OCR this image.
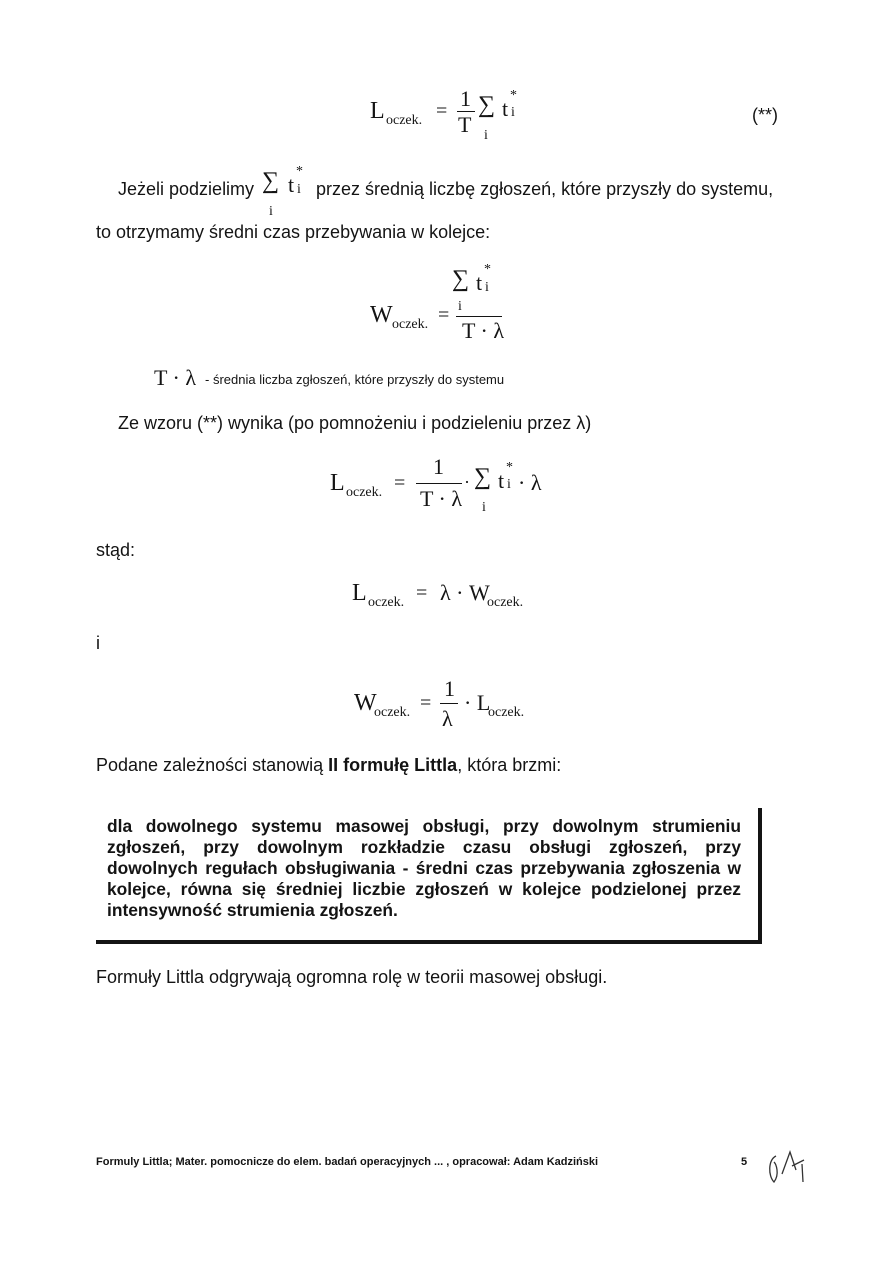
L oczek. = 1
T
∑ t
*
i
i
(**)
Jeżeli podzielimy ∑ t
*
i
i
przez średnią liczbę zgłoszeń, które przyszły do systemu,
to otrzymamy średni czas przebywania w kolejce:
W oczek. =
∑ t
*
i
i
T · λ
T · λ - średnia liczba zgłoszeń, które przyszły do systemu
Ze wzoru (**) wynika (po pomnożeniu i podzieleniu przez λ)
L oczek. =
1
T · λ
· ∑ t
*
i
i
· λ
stąd:
L oczek. = λ · W
oczek.
i
W
oczek. =
1
λ
· L
oczek.
Podane zależności stanowią II formułę Littla, która brzmi:
dla dowolnego systemu masowej obsługi, przy dowolnym strumieniu zgłoszeń, przy dowolnym rozkładzie czasu obsługi zgłoszeń, przy dowolnych regułach obsługiwania - średni czas przebywania zgłoszenia w kolejce, równa się średniej liczbie zgłoszeń w kolejce podzielonej przez intensywność strumienia zgłoszeń.
Formuły Littla odgrywają ogromna rolę w teorii masowej obsługi.
Formuly Littla; Mater. pomocnicze do elem. badań operacyjnych ... , opracował: Adam Kadziński	5
